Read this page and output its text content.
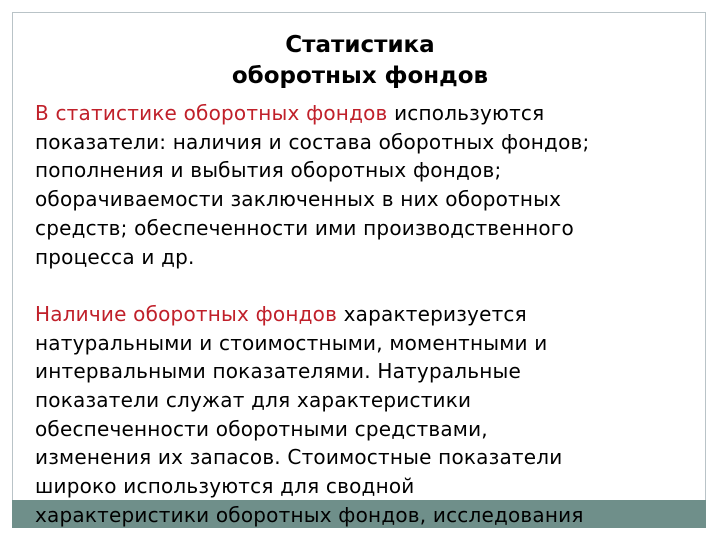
Статистика
оборотных фондов

В статистике оборотных фондов используются
показатели: наличия и состава оборотных фондов;
пополнения и выбытия оборотных фондов;
оборачиваемости заключенных в них оборотных
средств; обеспеченности ими производственного
процесса и др.

Наличие оборотных фондов характеризуется
натуральными и стоимостными, моментными и
интервальными показателями. Натуральные
показатели служат для характеристики
обеспеченности оборотными средствами,
изменения их запасов. Стоимостные показатели
широко используются для сводной
характеристики оборотных фондов, исследования
